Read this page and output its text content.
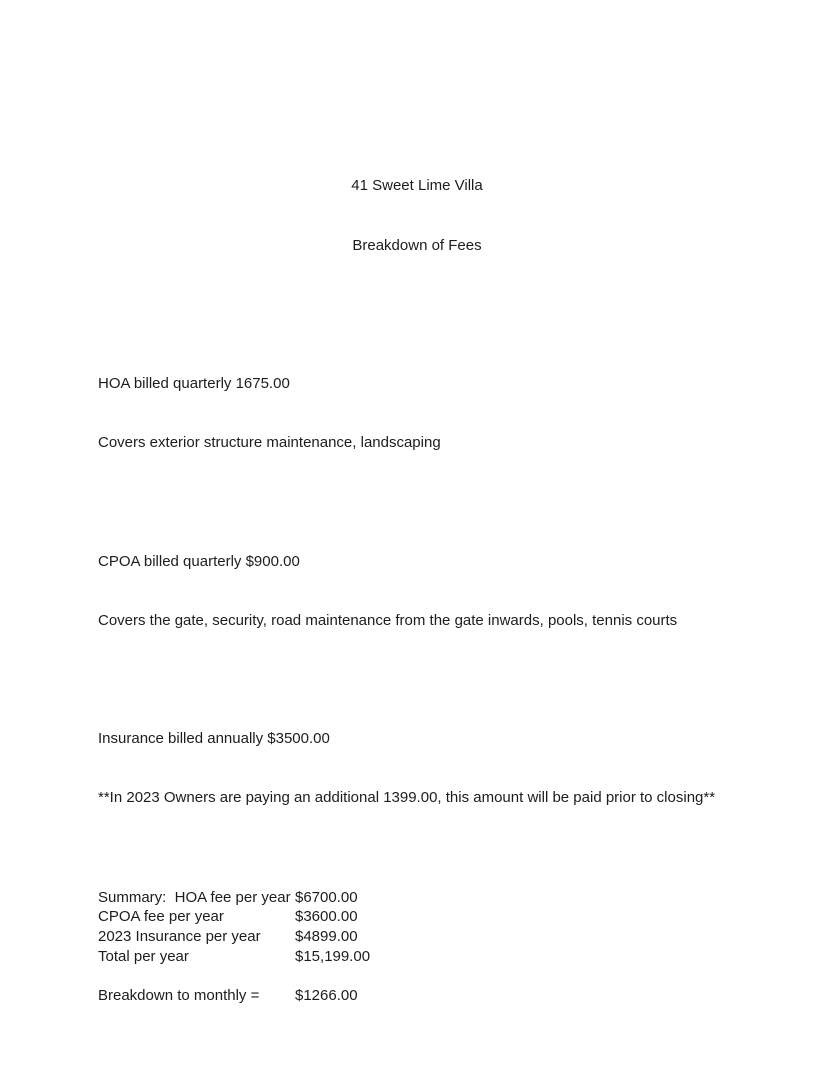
41 Sweet Lime Villa

Breakdown of Fees

HOA billed quarterly 1675.00

Covers exterior structure maintenance, landscaping

CPOA billed quarterly $900.00

Covers the gate, security, road maintenance from the gate inwards, pools, tennis courts

Insurance billed annually $3500.00

**In 2023 Owners are paying an additional 1399.00, this amount will be paid prior to closing**

Summary:  HOA fee per year $6700.00
CPOA fee per year	$3600.00
2023 Insurance per year	$4899.00
Total per year	$15,199.00
Breakdown to monthly =	$1266.00
